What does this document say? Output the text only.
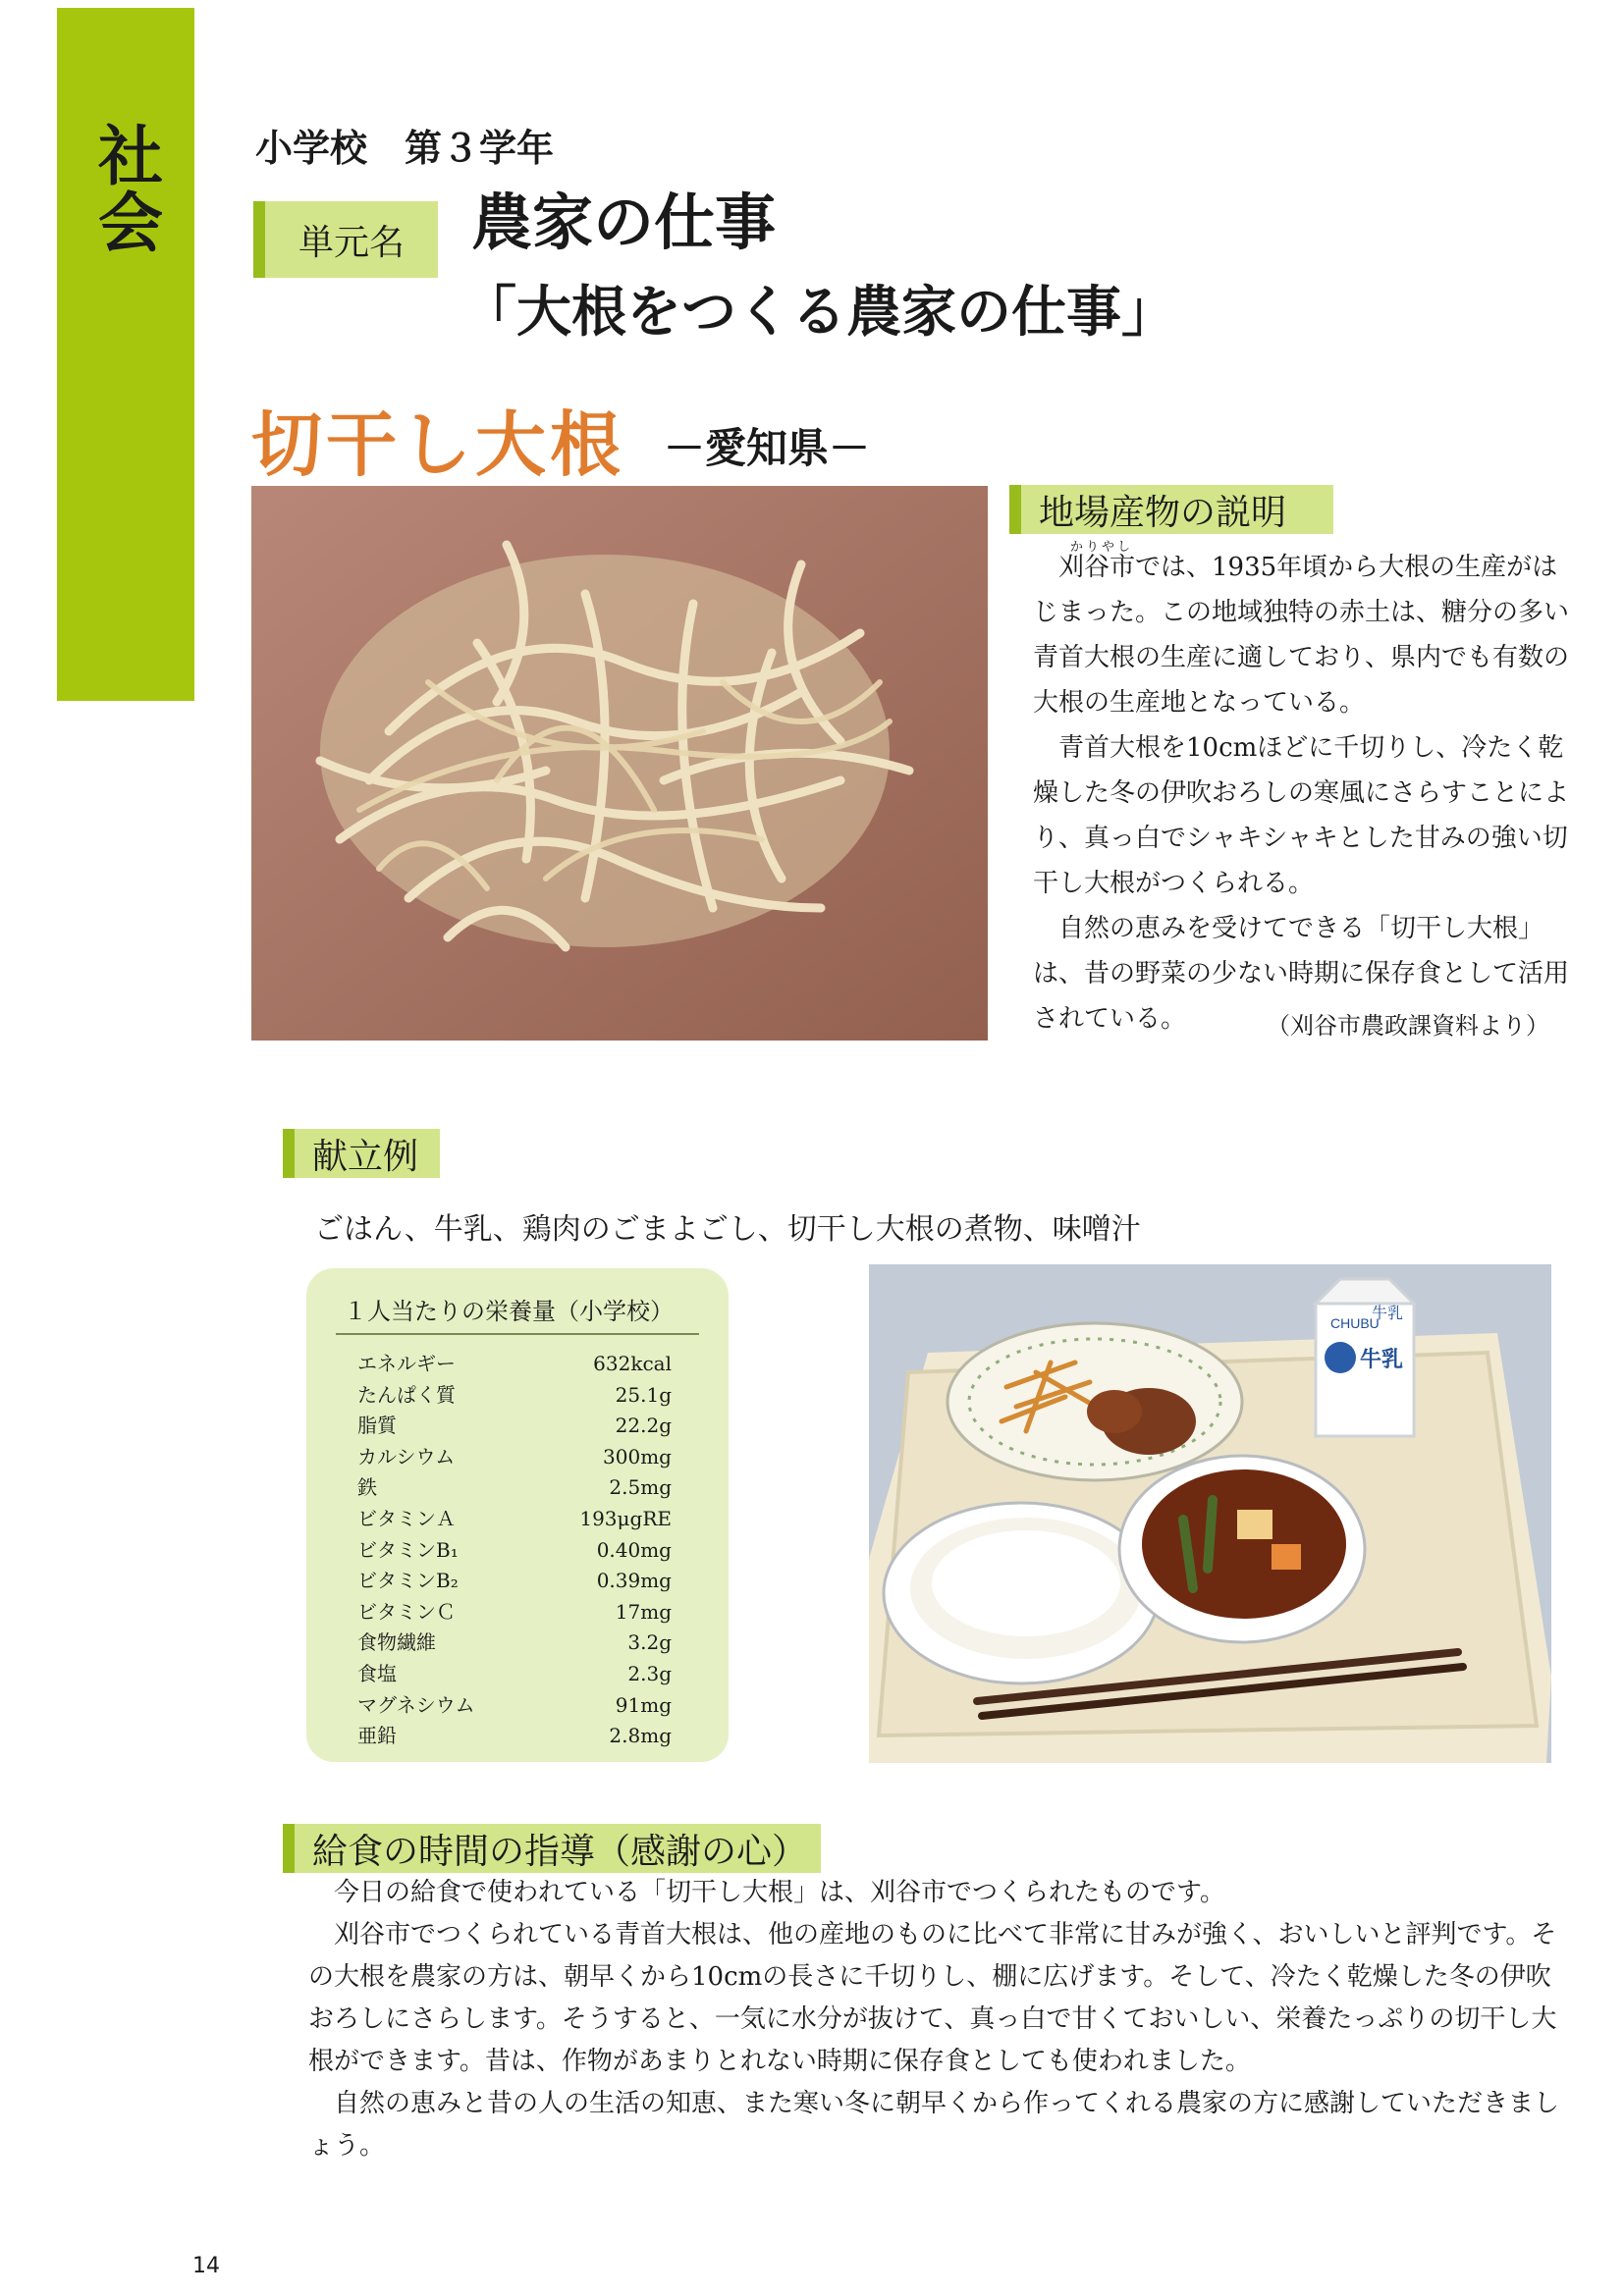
社会	小学校　第３学年
単元名	農家の仕事
「大根をつくる農家の仕事」
切干し大根 －愛知県－
地場産物の説明
かりやし

刈谷市では、1935年頃から大根の生産がはじまった。この地域独特の赤土は、糖分の多い青首大根の生産に適しており、県内でも有数の大根の生産地となっている。

青首大根を10cmほどに千切りし、冷たく乾燥した冬の伊吹おろしの寒風にさらすことにより、真っ白でシャキシャキとした甘みの強い切干し大根がつくられる。

自然の恵みを受けてできる「切干し大根」は、昔の野菜の少ない時期に保存食として活用されている。	（刈谷市農政課資料より）
献立例
ごはん、牛乳、鶏肉のごまよごし、切干し大根の煮物、味噌汁
１人当たりの栄養量（小学校）
エネルギー	632kcal
たんぱく質	25.1g
脂質	22.2g
カルシウム	300mg
鉄	2.5mg
ビタミンＡ	193μgRE
ビタミンB₁	0.40mg
ビタミンB₂	0.39mg
ビタミンＣ	17mg
食物繊維	3.2g
食塩	2.3g
マグネシウム	91mg
亜鉛	2.8mg
CHUBU
牛乳
牛乳
給食の時間の指導（感謝の心）

今日の給食で使われている「切干し大根」は、刈谷市でつくられたものです。

刈谷市でつくられている青首大根は、他の産地のものに比べて非常に甘みが強く、おいしいと評判です。その大根を農家の方は、朝早くから10cmの長さに千切りし、棚に広げます。そして、冷たく乾燥した冬の伊吹おろしにさらします。そうすると、一気に水分が抜けて、真っ白で甘くておいしい、栄養たっぷりの切干し大根ができます。昔は、作物があまりとれない時期に保存食としても使われました。

自然の恵みと昔の人の生活の知恵、また寒い冬に朝早くから作ってくれる農家の方に感謝していただきましょう。

14
